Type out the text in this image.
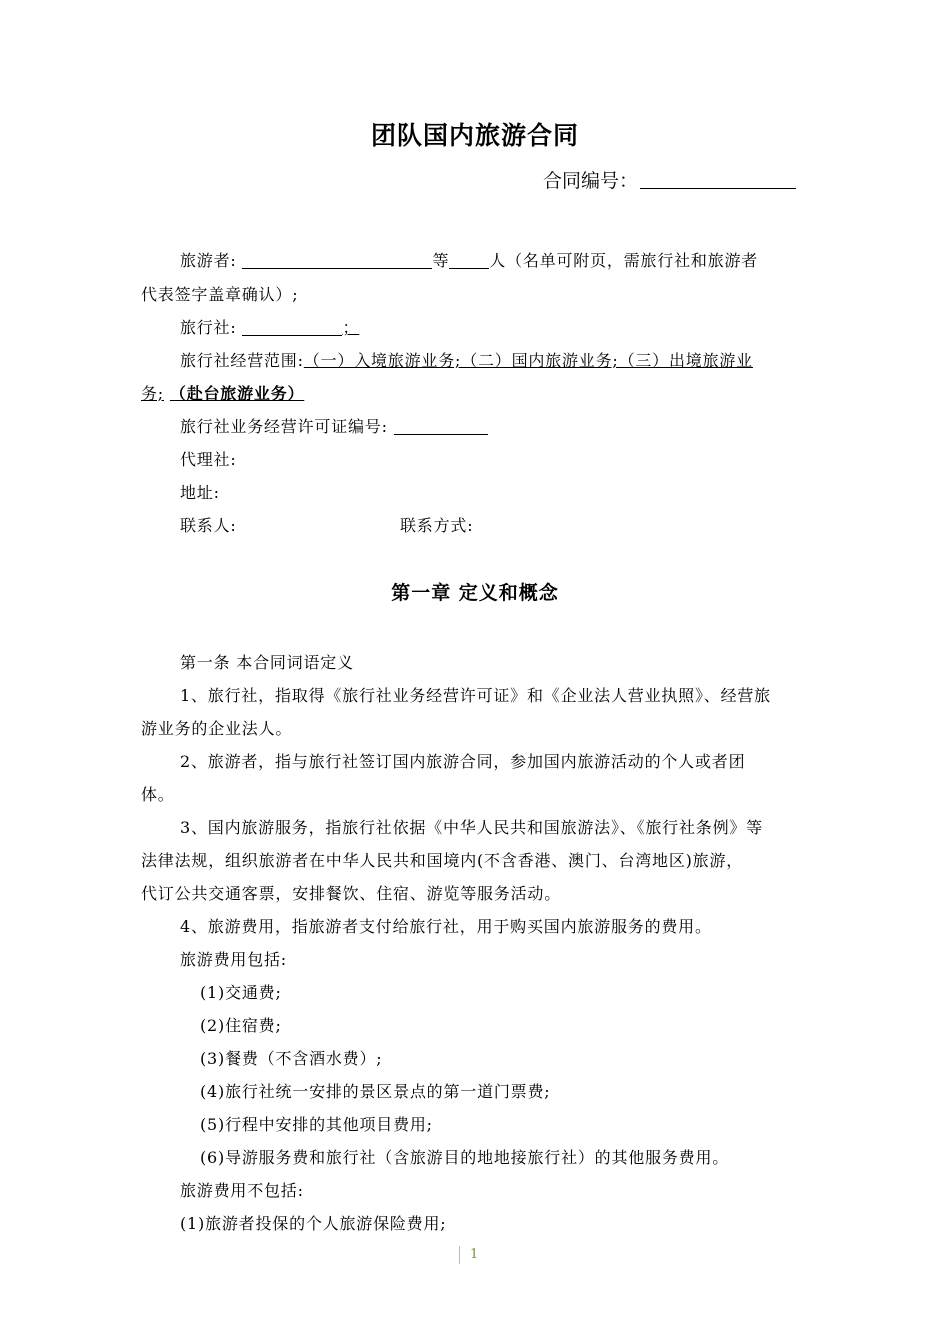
团队国内旅游合同
合同编号：
旅游者:	等	人（名单可附页，需旅行社和旅游者
代表签字盖章确认）;
旅行社:	；
旅行社经营范围:（一）入境旅游业务;（二）国内旅游业务;（三）出境旅游业
务; （赴台旅游业务）
旅行社业务经营许可证编号:
代理社:
地址:
联系人:	联系方式:
第一条 本合同词语定义
1、旅行社，指取得《旅行社业务经营许可证》和《企业法人营业执照》、经营旅
游业务的企业法人。
2、旅游者，指与旅行社签订国内旅游合同，参加国内旅游活动的个人或者团
体。
3、国内旅游服务，指旅行社依据《中华人民共和国旅游法》、《旅行社条例》等
法律法规，组织旅游者在中华人民共和国境内(不含香港、澳门、台湾地区)旅游，
代订公共交通客票，安排餐饮、住宿、游览等服务活动。
4、旅游费用，指旅游者支付给旅行社，用于购买国内旅游服务的费用。
旅游费用包括:
(1)交通费;
(2)住宿费;
(3)餐费（不含酒水费）;
(4)旅行社统一安排的景区景点的第一道门票费;
(5)行程中安排的其他项目费用;
(6)导游服务费和旅行社（含旅游目的地地接旅行社）的其他服务费用。
旅游费用不包括:
(1)旅游者投保的个人旅游保险费用;
第一章 定义和概念
1
